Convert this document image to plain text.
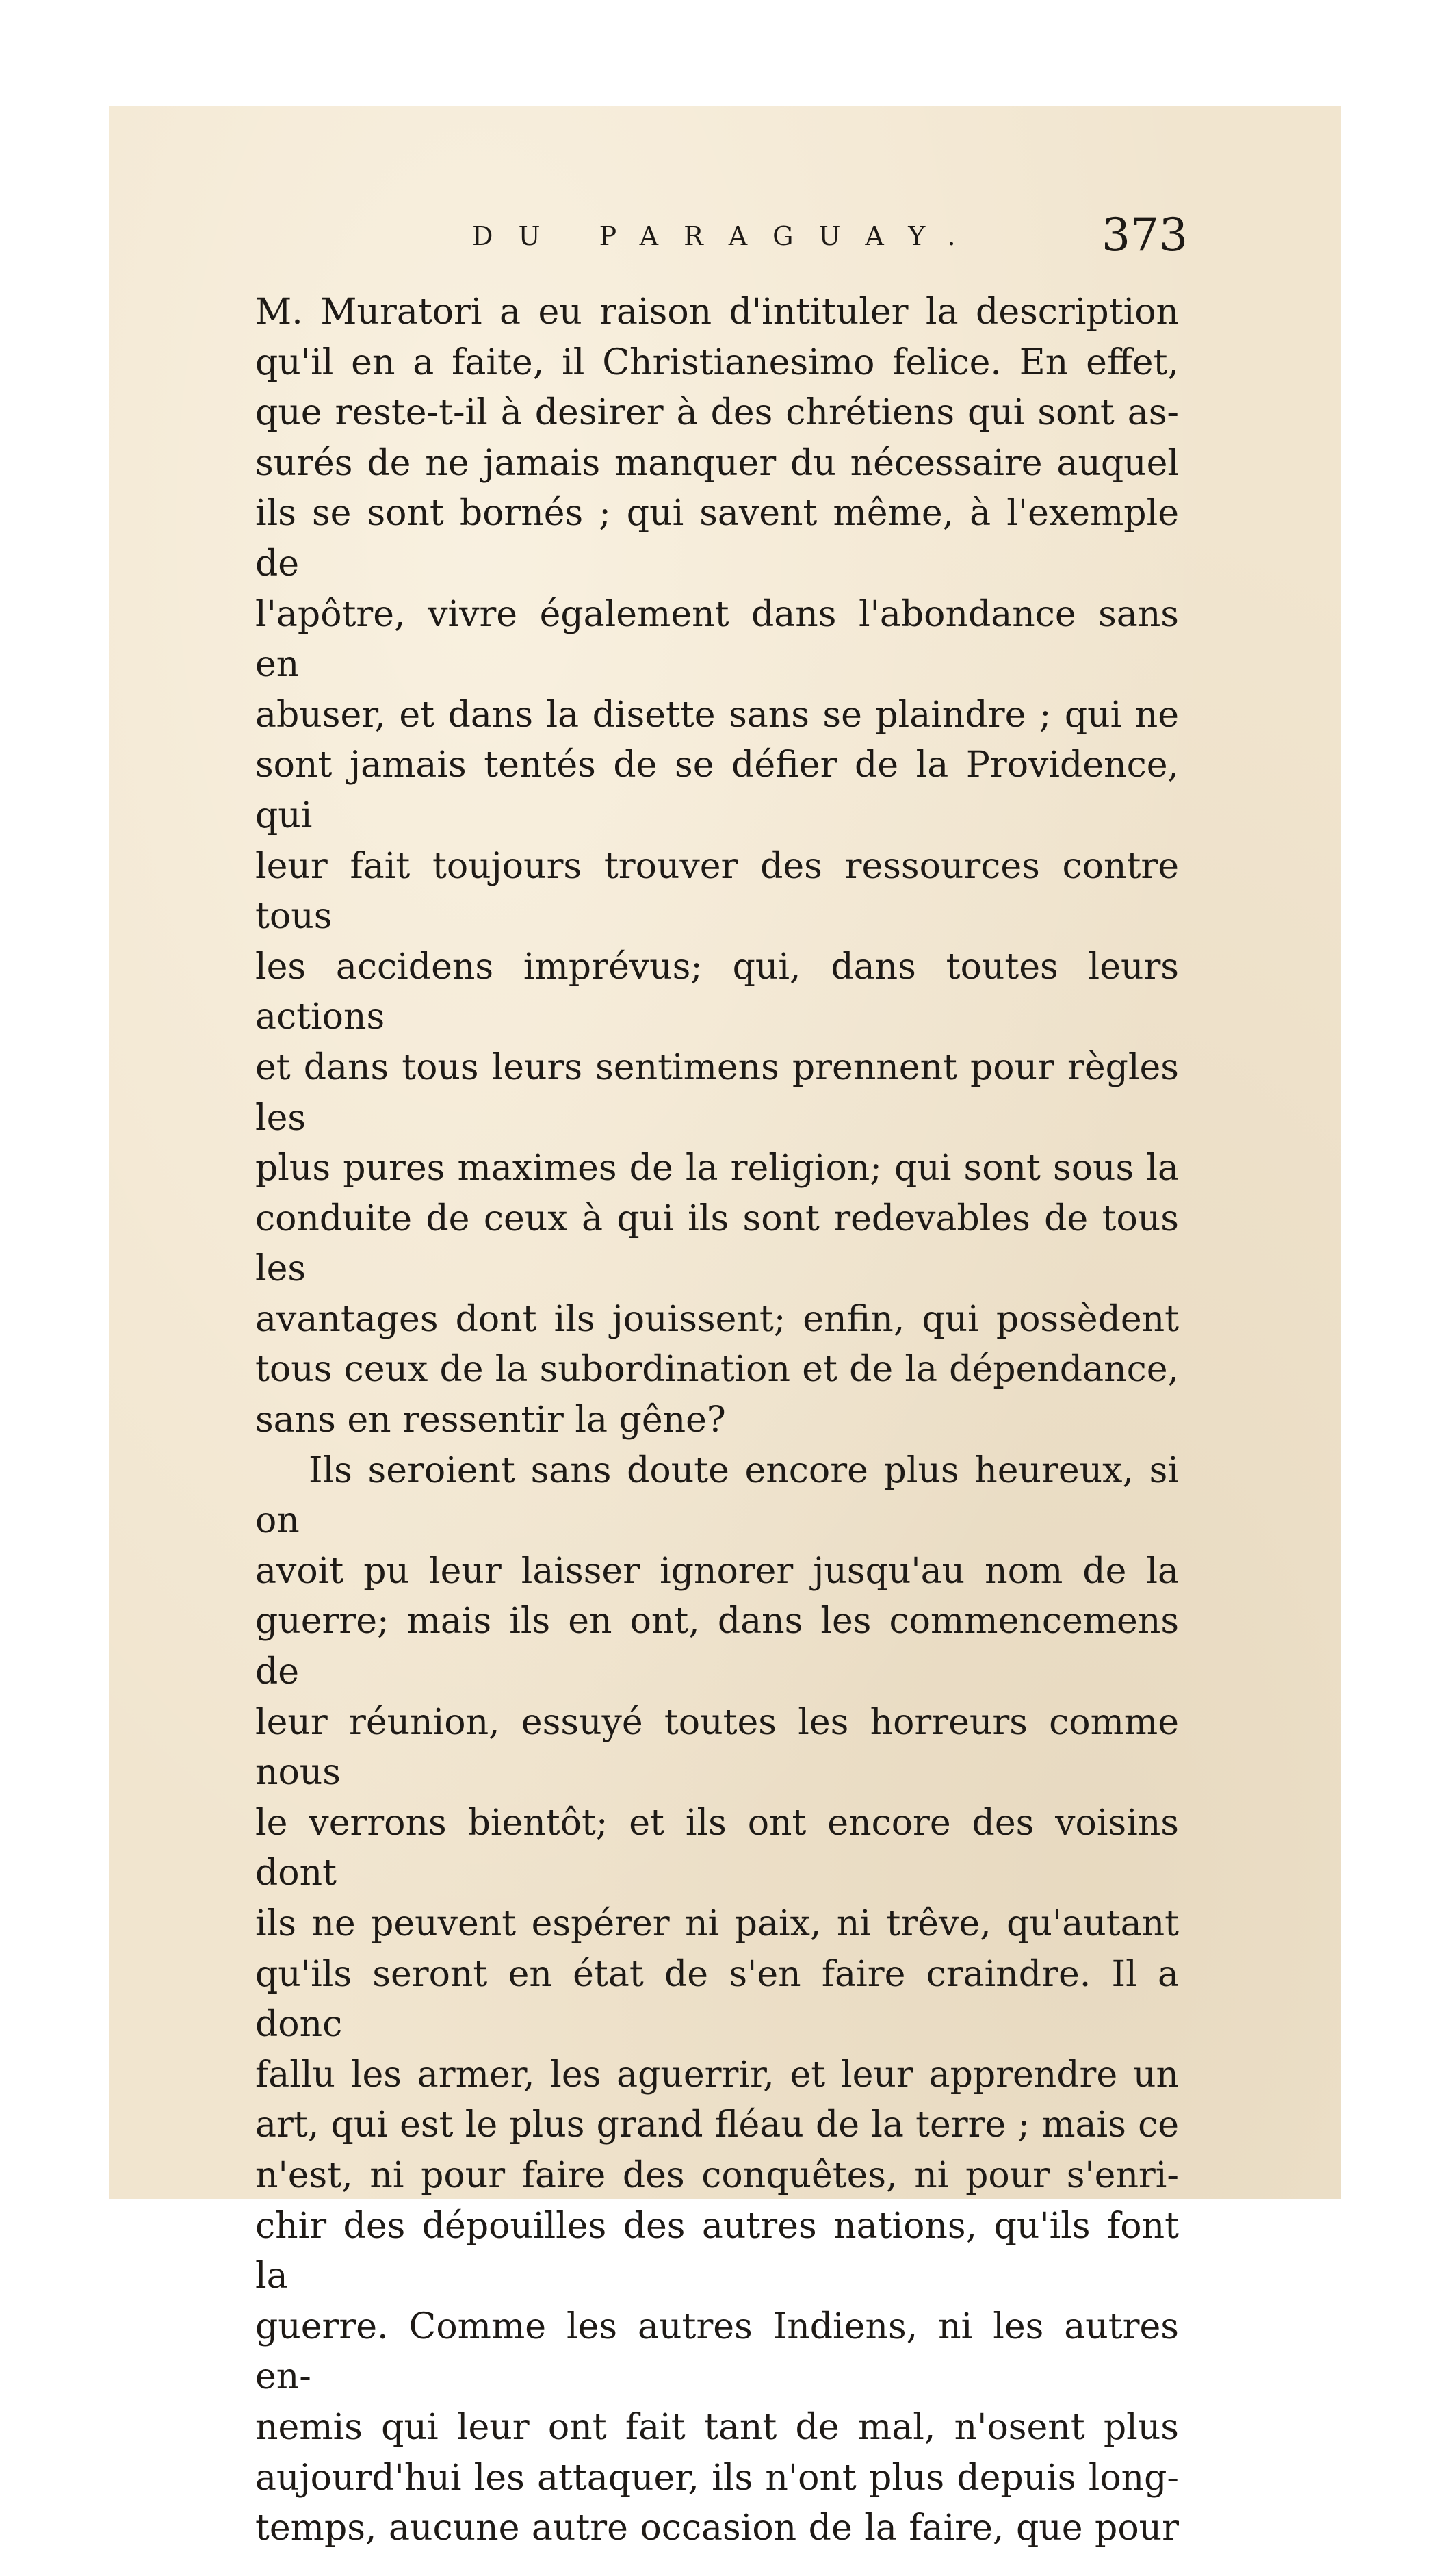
DU PARAGUAY.	373

M. Muratori a eu raison d'intituler la description

qu'il en a faite, il Christianesimo felice. En effet,

que reste-t-il à desirer à des chrétiens qui sont as-

surés de ne jamais manquer du nécessaire auquel

ils se sont bornés ; qui savent même, à l'exemple de

l'apôtre, vivre également dans l'abondance sans en

abuser, et dans la disette sans se plaindre ; qui ne

sont jamais tentés de se défier de la Providence, qui

leur fait toujours trouver des ressources contre tous

les accidens imprévus; qui, dans toutes leurs actions

et dans tous leurs sentimens prennent pour règles les

plus pures maximes de la religion; qui sont sous la

conduite de ceux à qui ils sont redevables de tous les

avantages dont ils jouissent; enfin, qui possèdent

tous ceux de la subordination et de la dépendance,

sans en ressentir la gêne?

Ils seroient sans doute encore plus heureux, si on

avoit pu leur laisser ignorer jusqu'au nom de la

guerre; mais ils en ont, dans les commencemens de

leur réunion, essuyé toutes les horreurs comme nous

le verrons bientôt; et ils ont encore des voisins dont

ils ne peuvent espérer ni paix, ni trêve, qu'autant

qu'ils seront en état de s'en faire craindre. Il a donc

fallu les armer, les aguerrir, et leur apprendre un

art, qui est le plus grand fléau de la terre ; mais ce

n'est, ni pour faire des conquêtes, ni pour s'enri-

chir des dépouilles des autres nations, qu'ils font la

guerre. Comme les autres Indiens, ni les autres en-

nemis qui leur ont fait tant de mal, n'osent plus

aujourd'hui les attaquer, ils n'ont plus depuis long-

temps, aucune autre occasion de la faire, que pour
